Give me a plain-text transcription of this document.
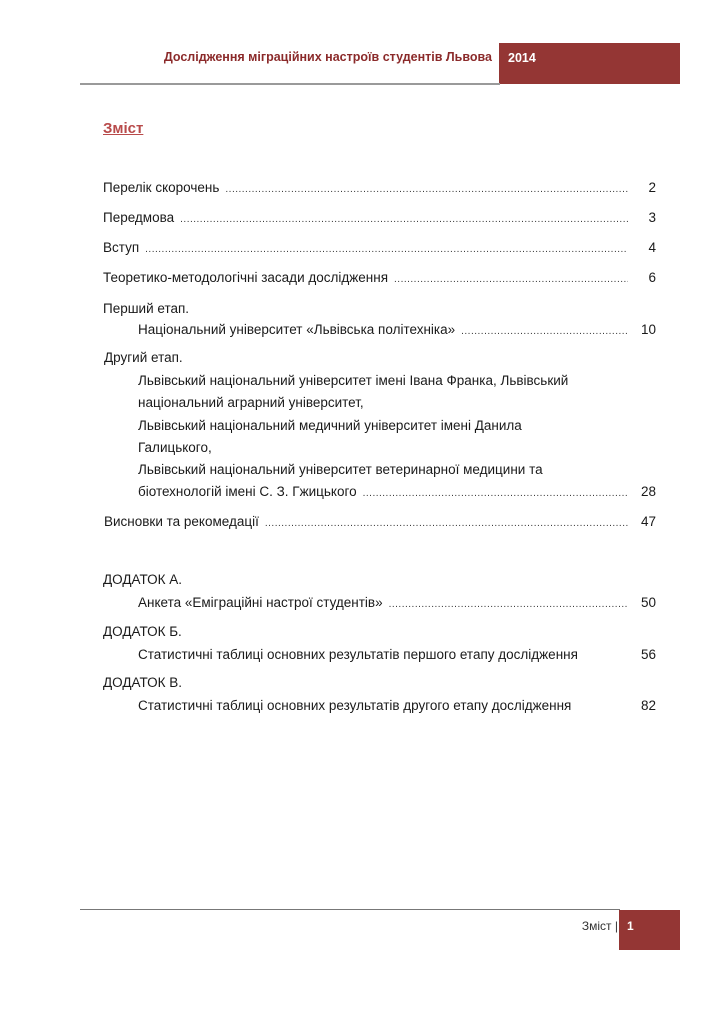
Дослідження міграційних настроїв студентів Львова 2014
Зміст
Перелік скорочень .....	2
Передмова .....	3
Вступ .....	4
Теоретико-методологічні засади дослідження .....	6
Перший етап.
Національний університет «Львівська політехніка» .....	10
Другий етап.
Львівський національний університет імені Івана Франка, Львівський
національний аграрний університет,
Львівський національний медичний університет імені Данила
Галицького,
Львівський національний університет ветеринарної медицини та
біотехнологій імені С. З. Гжицького .....	28
Висновки та рекомедації .....	47
ДОДАТОК А.
Анкета «Еміграційні настрої студентів» .....	50
ДОДАТОК Б.
Статистичні таблиці основних результатів першого етапу дослідження	56
ДОДАТОК В.
Статистичні таблиці основних результатів другого етапу дослідження	82
Зміст | 1
